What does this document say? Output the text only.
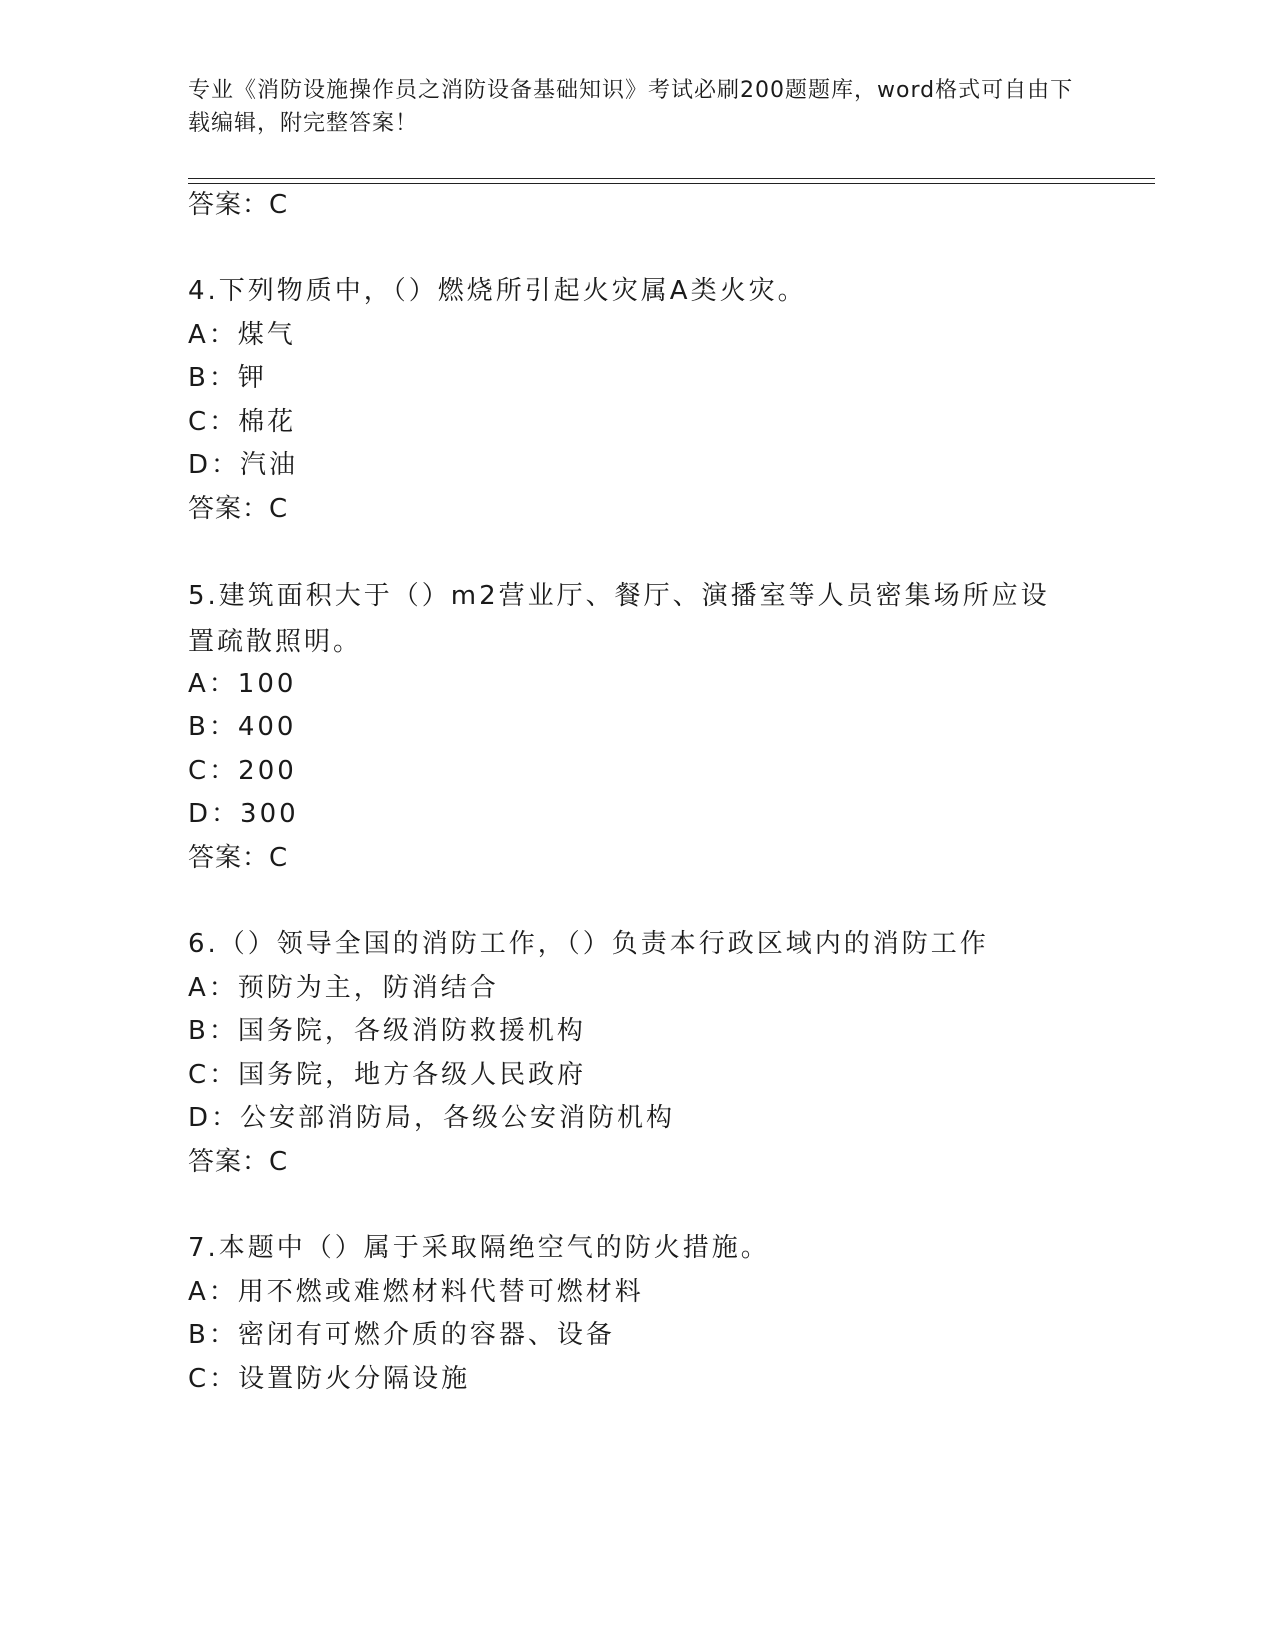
专业《消防设施操作员之消防设备基础知识》考试必刷200题题库，word格式可自由下载编辑，附完整答案！
答案：C
4.下列物质中，（）燃烧所引起火灾属A类火灾。
A：煤气
B：钾
C：棉花
D：汽油
答案：C
5.建筑面积大于（）m2营业厅、餐厅、演播室等人员密集场所应设置疏散照明。
A：100
B：400
C：200
D：300
答案：C
6.（）领导全国的消防工作，（）负责本行政区域内的消防工作
A：预防为主，防消结合
B：国务院，各级消防救援机构
C：国务院，地方各级人民政府
D：公安部消防局，各级公安消防机构
答案：C
7.本题中（）属于采取隔绝空气的防火措施。
A：用不燃或难燃材料代替可燃材料
B：密闭有可燃介质的容器、设备
C：设置防火分隔设施
